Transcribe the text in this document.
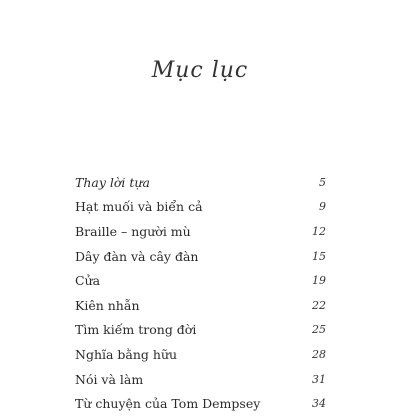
Mục lục
Thay lời tựa	5
Hạt muối và biển cả	9
Braille – người mù	12
Dây đàn và cây đàn	15
Cửa	19
Kiên nhẫn	22
Tìm kiếm trong đời	25
Nghĩa bằng hữu	28
Nói và làm	31
Từ chuyện của Tom Dempsey	34
